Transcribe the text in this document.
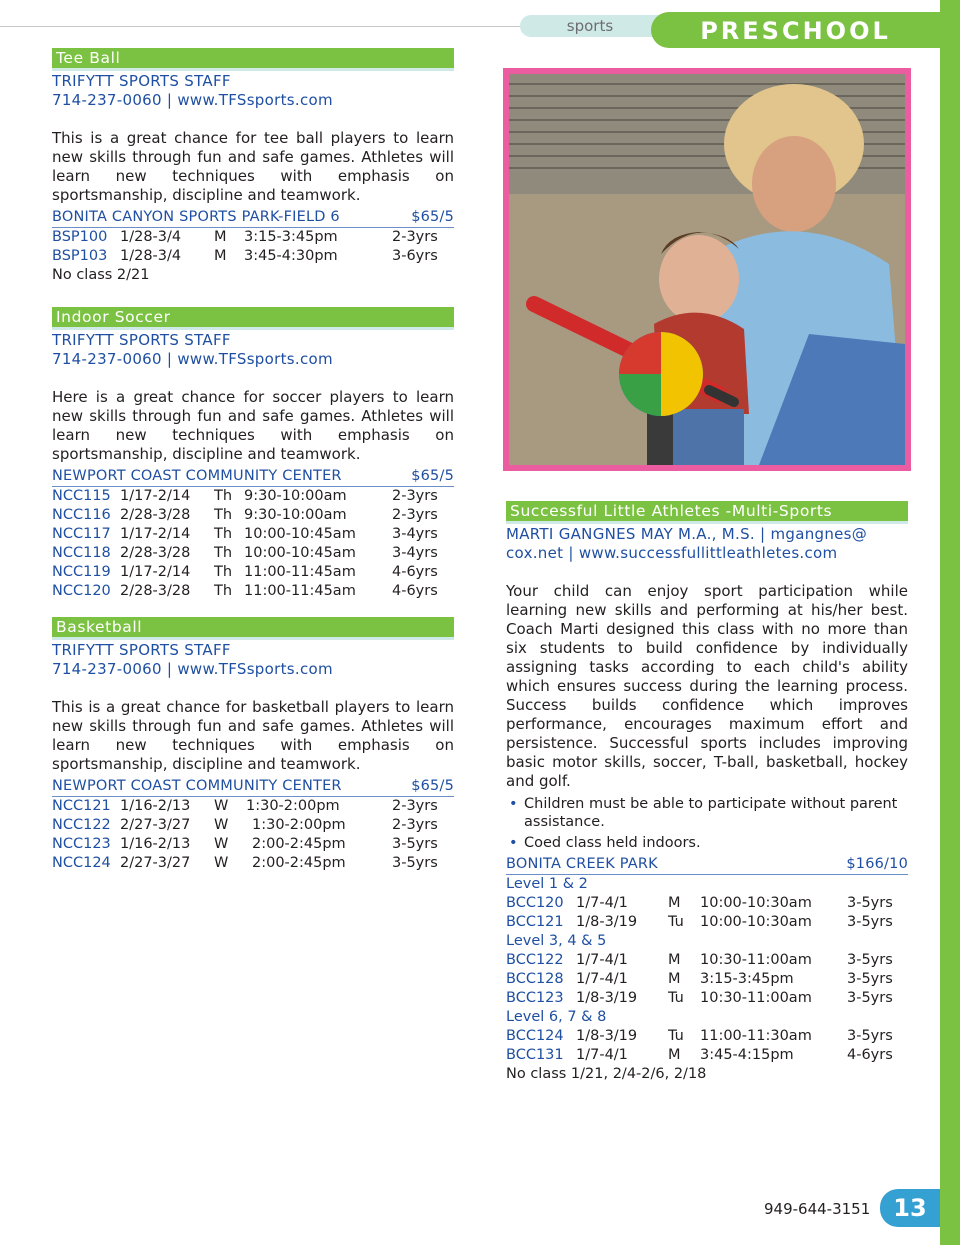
sports	PRESCHOOL
Tee Ball
TRIFYTT SPORTS STAFF
714-237-0060 | www.TFSsports.com
This is a great chance for tee ball players to learn new skills through fun and safe games. Athletes will learn new techniques with emphasis on sportsmanship, discipline and teamwork.
BONITA CANYON SPORTS PARK-FIELD 6	$65/5
BSP100 1/28-3/4 M 3:15-3:45pm	2-3yrs
BSP103 1/28-3/4 M 3:45-4:30pm	3-6yrs
No class 2/21
Indoor Soccer
TRIFYTT SPORTS STAFF
714-237-0060 | www.TFSsports.com
Here is a great chance for soccer players to learn new skills through fun and safe games. Athletes will learn new techniques with emphasis on sportsmanship, discipline and teamwork.
NEWPORT COAST COMMUNITY CENTER	$65/5
NCC115 1/17-2/14 Th 9:30-10:00am	2-3yrs
NCC116 2/28-3/28 Th 9:30-10:00am	2-3yrs
NCC117 1/17-2/14 Th 10:00-10:45am 3-4yrs
NCC118 2/28-3/28 Th 10:00-10:45am 3-4yrs
NCC119 1/17-2/14 Th 11:00-11:45am 4-6yrs
NCC120 2/28-3/28 Th 11:00-11:45am 4-6yrs
Basketball
TRIFYTT SPORTS STAFF
714-237-0060 | www.TFSsports.com
This is a great chance for basketball players to learn new skills through fun and safe games. Athletes will learn new techniques with emphasis on sportsmanship, discipline and teamwork.
NEWPORT COAST COMMUNITY CENTER	$65/5
NCC121 1/16-2/13 W 1:30-2:00pm	2-3yrs
NCC122 2/27-3/27 W 1:30-2:00pm	2-3yrs
NCC123 1/16-2/13 W 2:00-2:45pm	3-5yrs
NCC124 2/27-3/27 W 2:00-2:45pm	3-5yrs
Successful Little Athletes -Multi-Sports
MARTI GANGNES MAY M.A., M.S. | mgangnes@
cox.net | www.successfullittleathletes.com
Your child can enjoy sport participation while learning new skills and performing at his/her best. Coach Marti designed this class with no more than six students to build confidence by individually assigning tasks according to each child's ability which ensures success during the learning process. Success builds confidence which improves performance, encourages maximum effort and persistence. Successful sports includes improving basic motor skills, soccer, T-ball, basketball, hockey and golf.
• Children must be able to participate without parent assistance.
• Coed class held indoors.
BONITA CREEK PARK	$166/10
Level 1 & 2
BCC120 1/7-4/1	M 10:00-10:30am 3-5yrs
BCC121 1/8-3/19 Tu 10:00-10:30am 3-5yrs
Level 3, 4 & 5
BCC122 1/7-4/1	M 10:30-11:00am 3-5yrs
BCC128 1/7-4/1	M 3:15-3:45pm	3-5yrs
BCC123 1/8-3/19 Tu 10:30-11:00am 3-5yrs
Level 6, 7 & 8
BCC124 1/8-3/19 Tu 11:00-11:30am 3-5yrs
BCC131 1/7-4/1	M 3:45-4:15pm	4-6yrs
No class 1/21, 2/4-2/6, 2/18
949-644-3151 13
